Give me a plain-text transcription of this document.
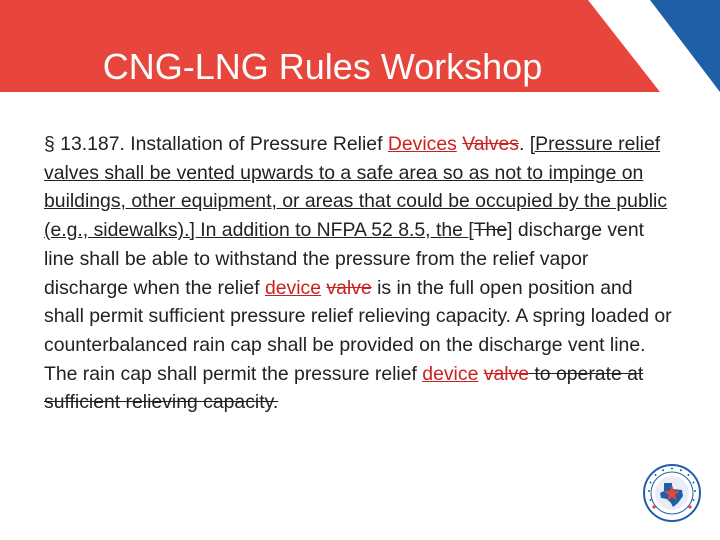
CNG-LNG Rules Workshop
§ 13.187. Installation of Pressure Relief Devices Valves. [Pressure relief valves shall be vented upwards to a safe area so as not to impinge on buildings, other equipment, or areas that could be occupied by the public (e.g., sidewalks).] In addition to NFPA 52 8.5, the [The] discharge vent line shall be able to withstand the pressure from the relief vapor discharge when the relief device valve is in the full open position and shall permit sufficient pressure relief relieving capacity. A spring loaded or counterbalanced rain cap shall be provided on the discharge vent line. The rain cap shall permit the pressure relief device valve to operate at sufficient relieving capacity.
